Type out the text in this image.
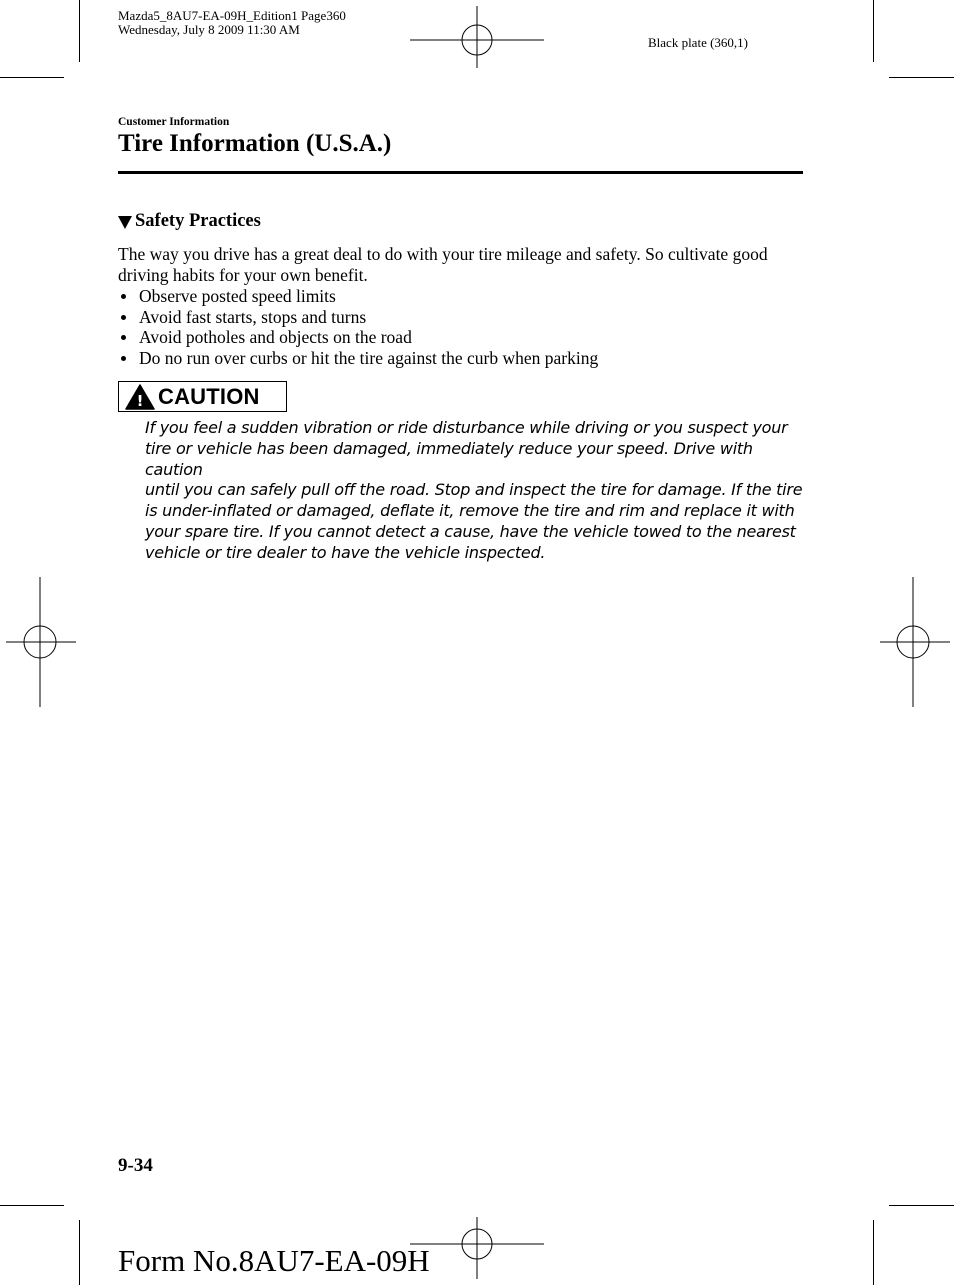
Mazda5_8AU7-EA-09H_Edition1 Page360
Wednesday, July 8 2009 11:30 AM
Black plate (360,1)
Customer Information
Tire Information (U.S.A.)
Safety Practices

The way you drive has a great deal to do with your tire mileage and safety. So cultivate good driving habits for your own benefit.

Observe posted speed limits
Avoid fast starts, stops and turns
Avoid potholes and objects on the road
Do no run over curbs or hit the tire against the curb when parking
! CAUTION
If you feel a sudden vibration or ride disturbance while driving or you suspect your
tire or vehicle has been damaged, immediately reduce your speed. Drive with caution
until you can safely pull off the road. Stop and inspect the tire for damage. If the tire
is under-inflated or damaged, deflate it, remove the tire and rim and replace it with
your spare tire. If you cannot detect a cause, have the vehicle towed to the nearest
vehicle or tire dealer to have the vehicle inspected.
9-34
Form No.8AU7-EA-09H
